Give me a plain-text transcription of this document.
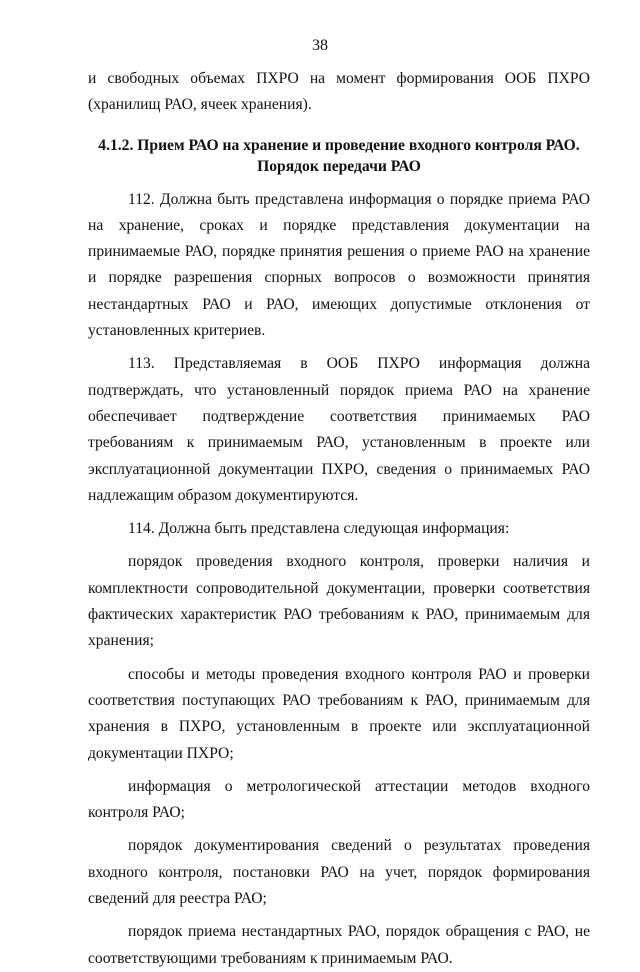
38

и свободных объемах ПХРО на момент формирования ООБ ПХРО (хранилищ РАО, ячеек хранения).

4.1.2. Прием РАО на хранение и проведение входного контроля РАО.
Порядок передачи РАО

112. Должна быть представлена информация о порядке приема РАО на хранение, сроках и порядке представления документации на принимаемые РАО, порядке принятия решения о приеме РАО на хранение и порядке разрешения спорных вопросов о возможности принятия нестандартных РАО и РАО, имеющих допустимые отклонения от установленных критериев.

113. Представляемая в ООБ ПХРО информация должна подтверждать, что установленный порядок приема РАО на хранение обеспечивает подтверждение соответствия принимаемых РАО требованиям к принимаемым РАО, установленным в проекте или эксплуатационной документации ПХРО, сведения о принимаемых РАО надлежащим образом документируются.

114. Должна быть представлена следующая информация:

порядок проведения входного контроля, проверки наличия и комплектности сопроводительной документации, проверки соответствия фактических характеристик РАО требованиям к РАО, принимаемым для хранения;

способы и методы проведения входного контроля РАО и проверки соответствия поступающих РАО требованиям к РАО, принимаемым для хранения в ПХРО, установленным в проекте или эксплуатационной документации ПХРО;

информация о метрологической аттестации методов входного контроля РАО;

порядок документирования сведений о результатах проведения входного контроля, постановки РАО на учет, порядок формирования сведений для реестра РАО;

порядок приема нестандартных РАО, порядок обращения с РАО, не соответствующими требованиям к принимаемым РАО.
